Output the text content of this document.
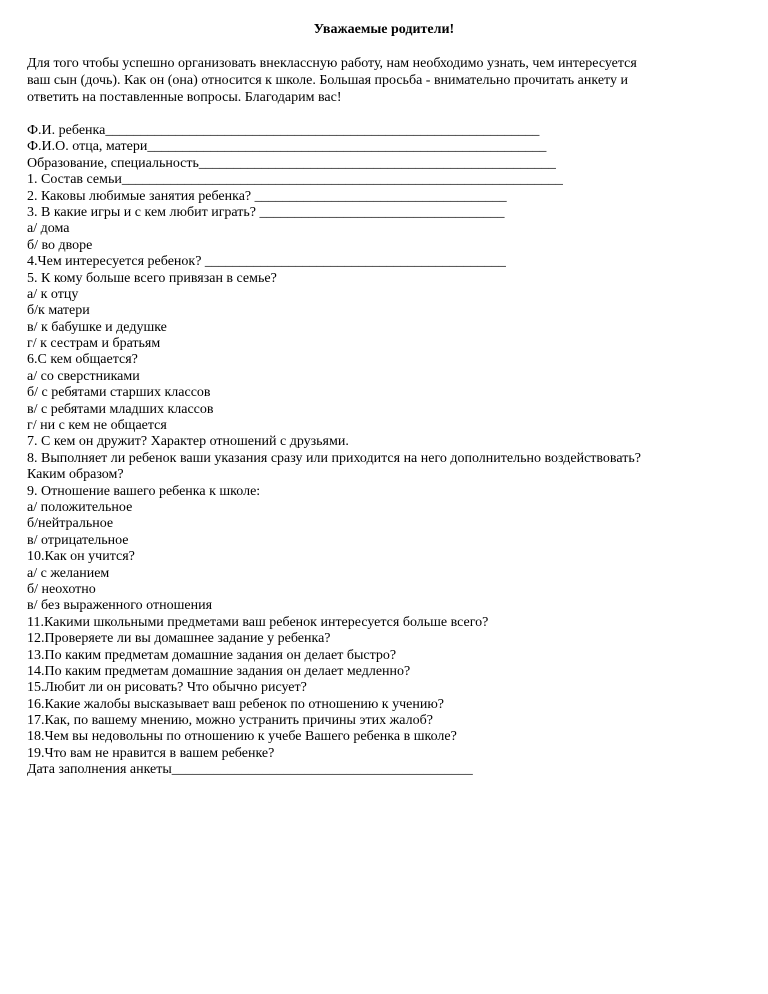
Уважаемые родители!
Для того чтобы успешно организовать внеклассную работу, нам необходимо узнать, чем интересуется
ваш сын (дочь). Как он (она) относится к школе. Большая просьба - внимательно прочитать анкету и
ответить на поставленные вопросы. Благодарим вас!
Ф.И. ребенка______________________________________________________________
Ф.И.О. отца, матери_________________________________________________________
Образование, специальность___________________________________________________
1. Состав семьи_______________________________________________________________
2. Каковы любимые занятия ребенка? ____________________________________
3. В какие игры и с кем любит играть? ___________________________________
а/ дома
б/ во дворе
4.Чем интересуется ребенок? ___________________________________________
5. К кому больше всего привязан в семье?
а/ к отцу
б/к матери
в/ к бабушке и дедушке
г/ к сестрам и братьям
6.С кем общается?
а/ со сверстниками
б/ с ребятами старших классов
в/ с ребятами младших классов
г/ ни с кем не общается
7. С кем он дружит? Характер отношений с друзьями.
8. Выполняет ли ребенок ваши указания сразу или приходится на него дополнительно воздействовать?
Каким образом?
9. Отношение вашего ребенка к школе:
а/ положительное
б/нейтральное
в/ отрицательное
10.Как он учится?
а/ с желанием
б/ неохотно
в/ без выраженного отношения
11.Какими школьными предметами ваш ребенок интересуется больше всего?
12.Проверяете ли вы домашнее задание у ребенка?
13.По каким предметам домашние задания он делает быстро?
14.По каким предметам домашние задания он делает медленно?
15.Любит ли он рисовать? Что обычно рисует?
16.Какие жалобы высказывает ваш ребенок по отношению к учению?
17.Как, по вашему мнению, можно устранить причины этих жалоб?
18.Чем вы недовольны по отношению к учебе Вашего ребенка в школе?
19.Что вам не нравится в вашем ребенке?
Дата заполнения анкеты___________________________________________
